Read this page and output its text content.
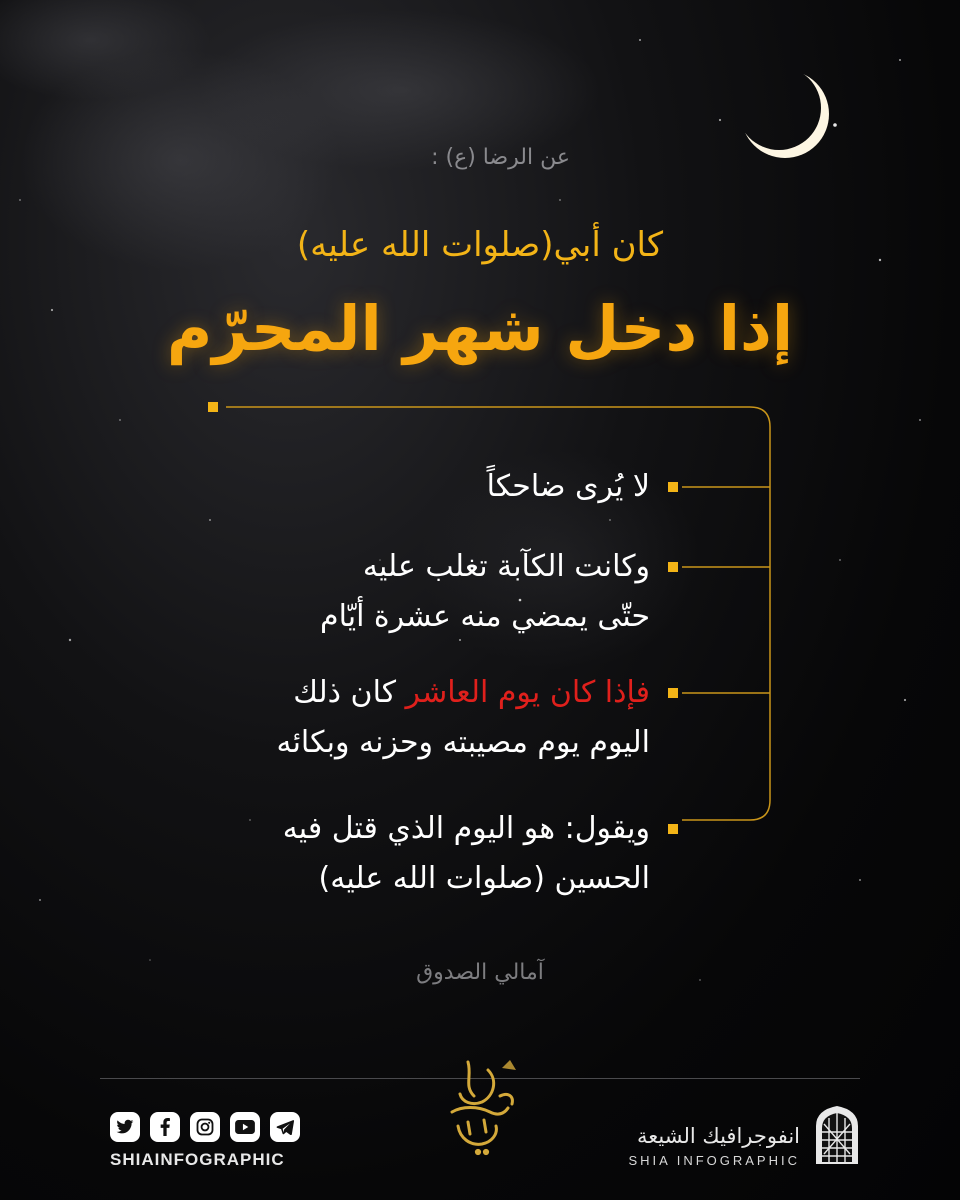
عن الرضا (ع) :
كان أبي(صلوات الله عليه)
إذا دخل شهر المحرّم
لا يُرى ضاحكاً
وكانت الكآبة تغلب عليه
حتّى يمضي منه عشرة أيّام
فإذا كان يوم العاشر كان ذلك
اليوم يوم مصيبته وحزنه وبكائه
ويقول: هو اليوم الذي قتل فيه
الحسين (صلوات الله عليه)
آمالي الصدوق
SHIAINFOGRAPHIC
انفوجرافيك الشيعة
SHIA INFOGRAPHIC
